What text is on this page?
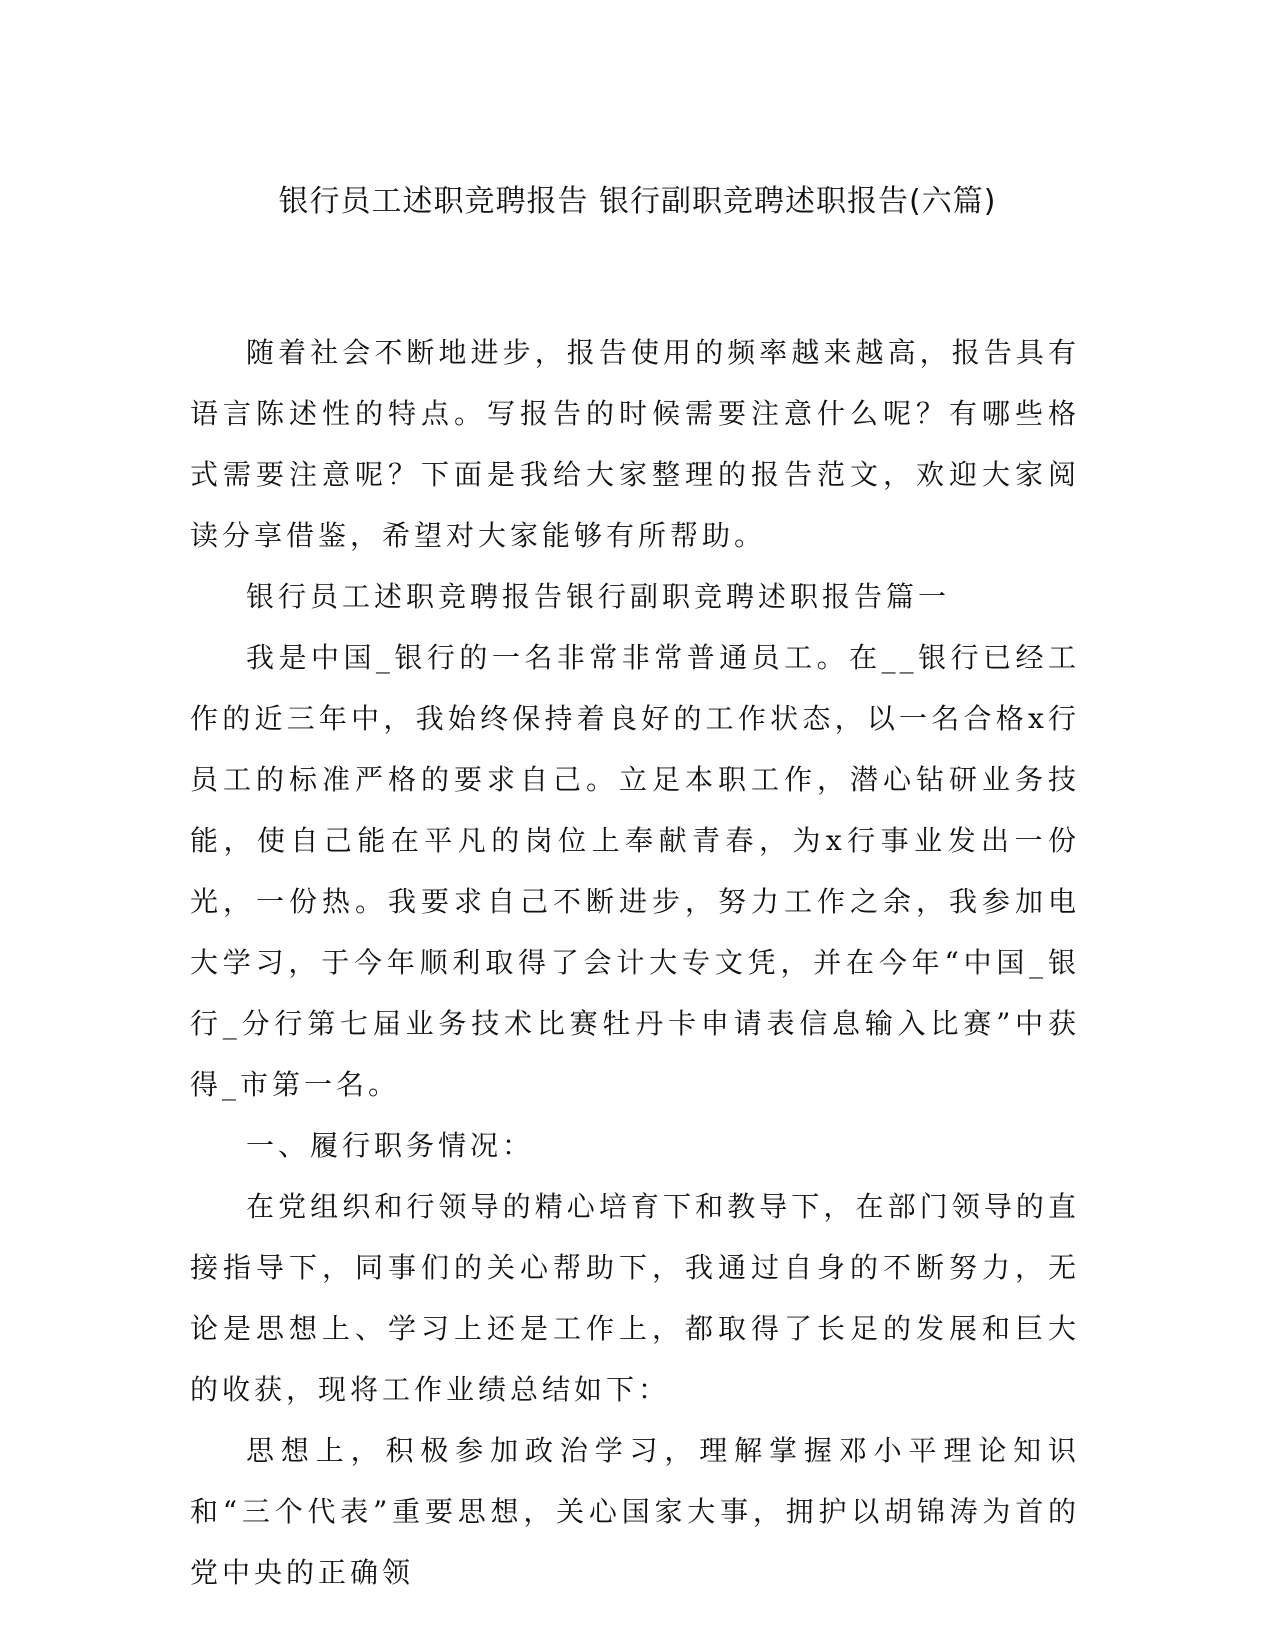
银行员工述职竞聘报告 银行副职竞聘述职报告(六篇)

随着社会不断地进步，报告使用的频率越来越高，报告具有语言陈述性的特点。写报告的时候需要注意什么呢？有哪些格式需要注意呢？下面是我给大家整理的报告范文，欢迎大家阅读分享借鉴，希望对大家能够有所帮助。

银行员工述职竞聘报告银行副职竞聘述职报告篇一

我是中国_银行的一名非常非常普通员工。在__银行已经工作的近三年中，我始终保持着良好的工作状态，以一名合格x行员工的标准严格的要求自己。立足本职工作，潜心钻研业务技能，使自己能在平凡的岗位上奉献青春，为x行事业发出一份光，一份热。我要求自己不断进步，努力工作之余，我参加电大学习，于今年顺利取得了会计大专文凭，并在今年“中国_银行_分行第七届业务技术比赛牡丹卡申请表信息输入比赛”中获得_市第一名。

一、履行职务情况：

在党组织和行领导的精心培育下和教导下，在部门领导的直接指导下，同事们的关心帮助下，我通过自身的不断努力，无论是思想上、学习上还是工作上，都取得了长足的发展和巨大的收获，现将工作业绩总结如下：

思想上，积极参加政治学习，理解掌握邓小平理论知识和“三个代表”重要思想，关心国家大事，拥护以胡锦涛为首的党中央的正确领
